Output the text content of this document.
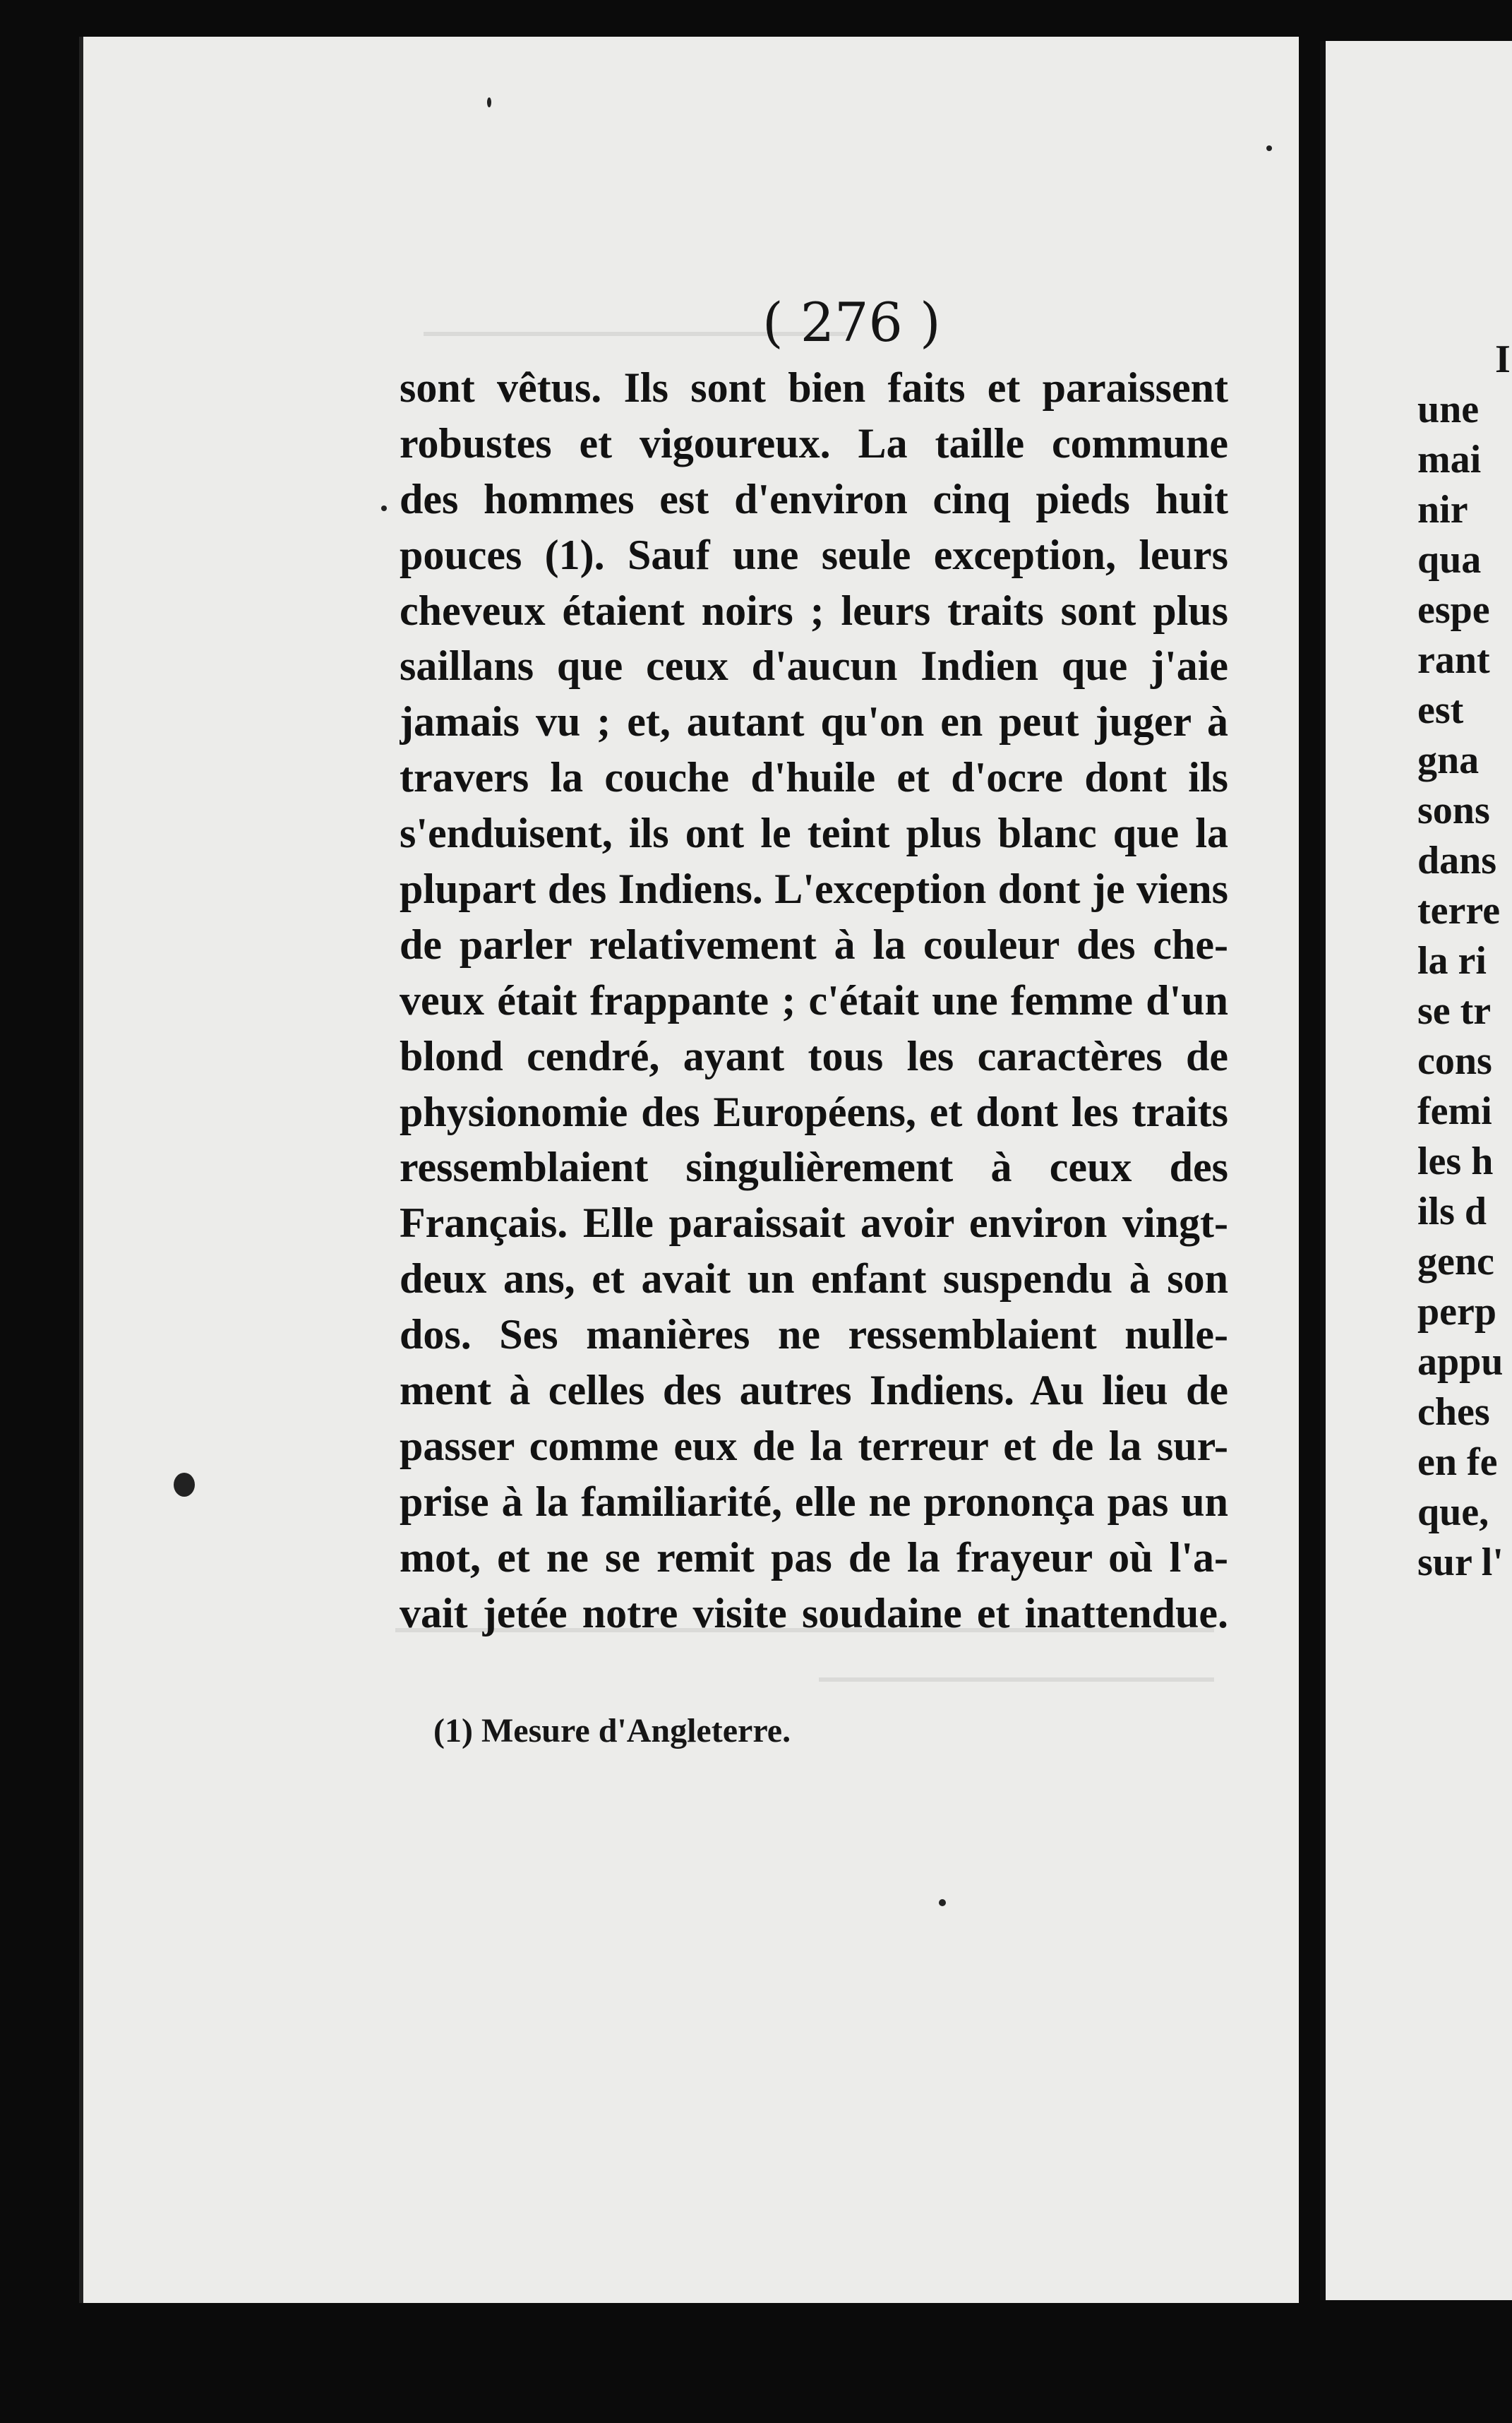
( 276 )
sont vêtus. Ils sont bien faits et paraissent
robustes et vigoureux. La taille commune
des hommes est d'environ cinq pieds huit
pouces (1). Sauf une seule exception, leurs
cheveux étaient noirs ; leurs traits sont plus
saillans que ceux d'aucun Indien que j'aie
jamais vu ; et, autant qu'on en peut juger à
travers la couche d'huile et d'ocre dont ils
s'enduisent, ils ont le teint plus blanc que la
plupart des Indiens. L'exception dont je viens
de parler relativement à la couleur des che-
veux était frappante ; c'était une femme d'un
blond cendré, ayant tous les caractères de
physionomie des Européens, et dont les traits
ressemblaient singulièrement à ceux des
Français. Elle paraissait avoir environ vingt-
deux ans, et avait un enfant suspendu à son
dos. Ses manières ne ressemblaient nulle-
ment à celles des autres Indiens. Au lieu de
passer comme eux de la terreur et de la sur-
prise à la familiarité, elle ne prononça pas un
mot, et ne se remit pas de la frayeur où l'a-
vait jetée notre visite soudaine et inattendue.
(1) Mesure d'Angleterre.
I
une
mai
nir
qua
espe
rant
est
gna
sons
dans
terre
la ri
se tr
cons
femi
les h
ils d
genc
perp
appu
ches
en fe
que,
sur l'
